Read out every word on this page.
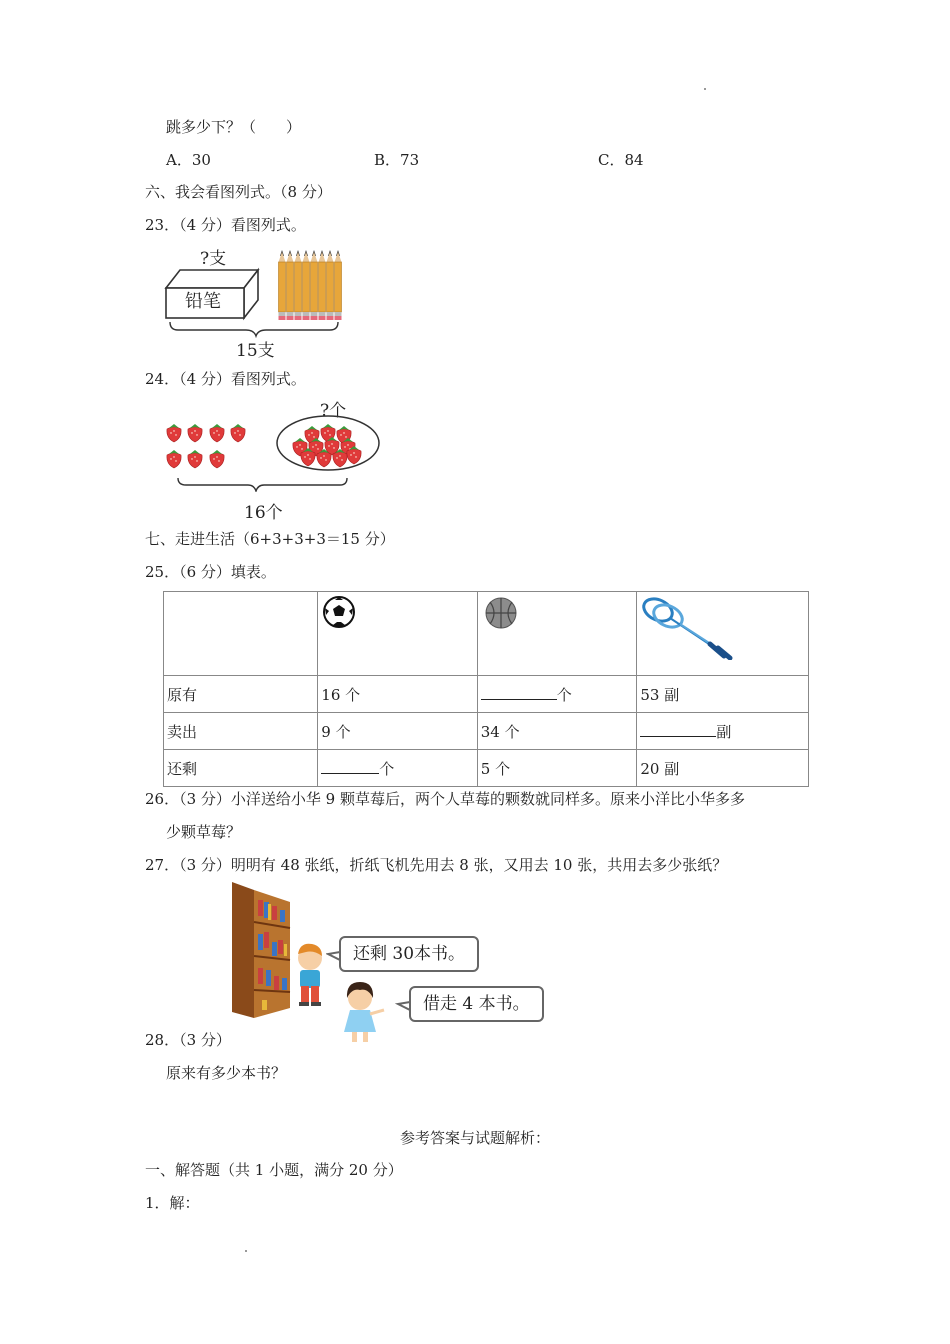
跳多少下？（　　）
A．30	B．73	C．84
六、我会看图列式。（8 分）
23．（4 分）看图列式。
?支
铅笔
15支
24．（4 分）看图列式。
?个
16个
七、走进生活（6+3+3+3＝15 分）
25．（6 分）填表。

原有	16 个	个	53 副
卖出	9 个	34 个	副
还剩	个	5 个	20 副
26．（3 分）小洋送给小华 9 颗草莓后，两个人草莓的颗数就同样多。原来小洋比小华多多
少颗草莓？
27．（3 分）明明有 48 张纸，折纸飞机先用去 8 张，又用去 10 张，共用去多少张纸？
还剩 30本书。
借走 4 本书。
28．（3 分）
原来有多少本书？
参考答案与试题解析：
一、解答题（共 1 小题，满分 20 分）
1．解：
